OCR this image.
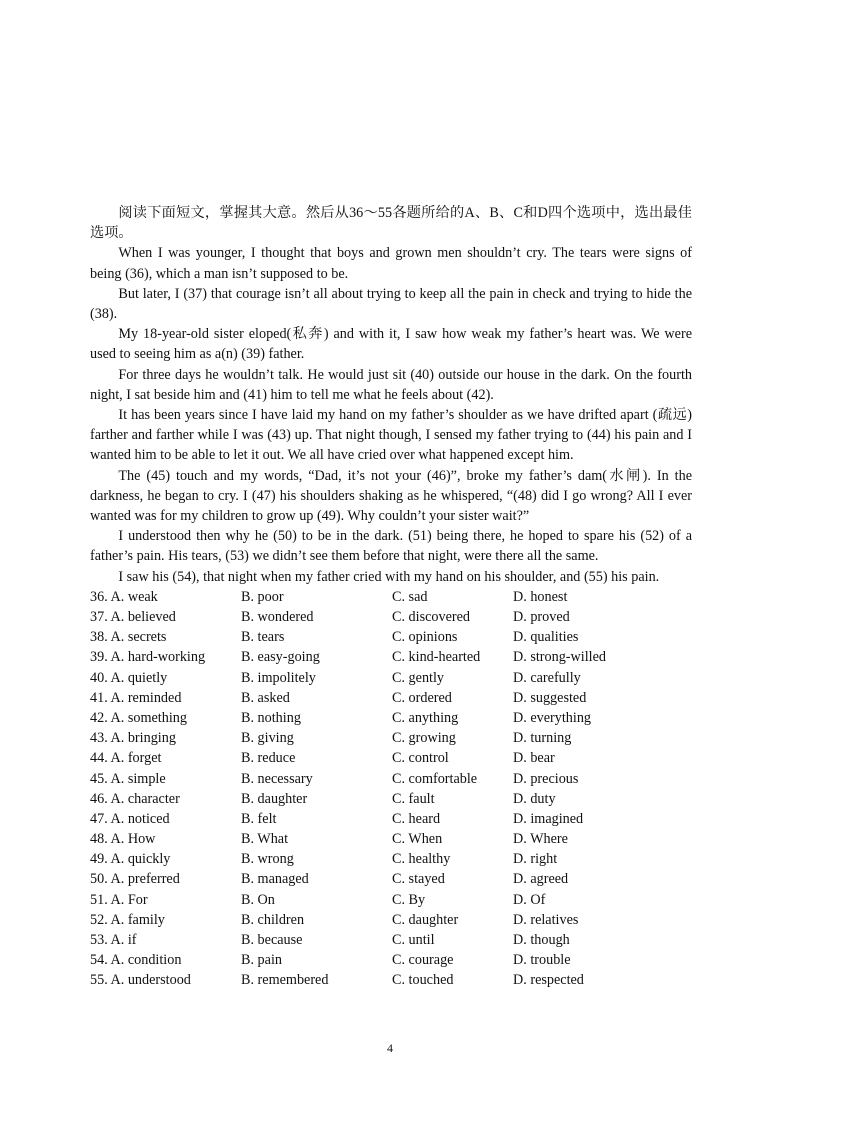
阅读下面短文，掌握其大意。然后从36～55各题所给的A、B、C和D四个选项中，选出最佳选项。

When I was younger, I thought that boys and grown men shouldn’t cry. The tears were signs of being (36), which a man isn’t supposed to be.

But later, I (37) that courage isn’t all about trying to keep all the pain in check and trying to hide the (38).

My 18-year-old sister eloped(私奔) and with it, I saw how weak my father’s heart was. We were used to seeing him as a(n) (39) father.

For three days he wouldn’t talk. He would just sit (40) outside our house in the dark. On the fourth night, I sat beside him and (41) him to tell me what he feels about (42).

It has been years since I have laid my hand on my father’s shoulder as we have drifted apart (疏远) farther and farther while I was (43) up. That night though, I sensed my father trying to (44) his pain and I wanted him to be able to let it out. We all have cried over what happened except him.

The (45) touch and my words, “Dad, it’s not your (46)”, broke my father’s dam(水闸). In the darkness, he began to cry. I (47) his shoulders shaking as he whispered, “(48) did I go wrong? All I ever wanted was for my children to grow up (49). Why couldn’t your sister wait?”

I understood then why he (50) to be in the dark. (51) being there, he hoped to spare his (52) of a father’s pain. His tears, (53) we didn’t see them before that night, were there all the same.

I saw his (54), that night when my father cried with my hand on his shoulder, and (55) his pain.

36. A. weak	B. poor	C. sad	D. honest
37. A. believed	B. wondered	C. discovered	D. proved
38. A. secrets	B. tears	C. opinions	D. qualities
39. A. hard-working	B. easy-going	C. kind-hearted	D. strong-willed
40. A. quietly	B. impolitely	C. gently	D. carefully
41. A. reminded	B. asked	C. ordered	D. suggested
42. A. something	B. nothing	C. anything	D. everything
43. A. bringing	B. giving	C. growing	D. turning
44. A. forget	B. reduce	C. control	D. bear
45. A. simple	B. necessary	C. comfortable	D. precious
46. A. character	B. daughter	C. fault	D. duty
47. A. noticed	B. felt	C. heard	D. imagined
48. A. How	B. What	C. When	D. Where
49. A. quickly	B. wrong	C. healthy	D. right
50. A. preferred	B. managed	C. stayed	D. agreed
51. A. For	B. On	C. By	D. Of
52. A. family	B. children	C. daughter	D. relatives
53. A. if	B. because	C. until	D. though
54. A. condition	B. pain	C. courage	D. trouble
55. A. understood	B. remembered	C. touched	D. respected
4
